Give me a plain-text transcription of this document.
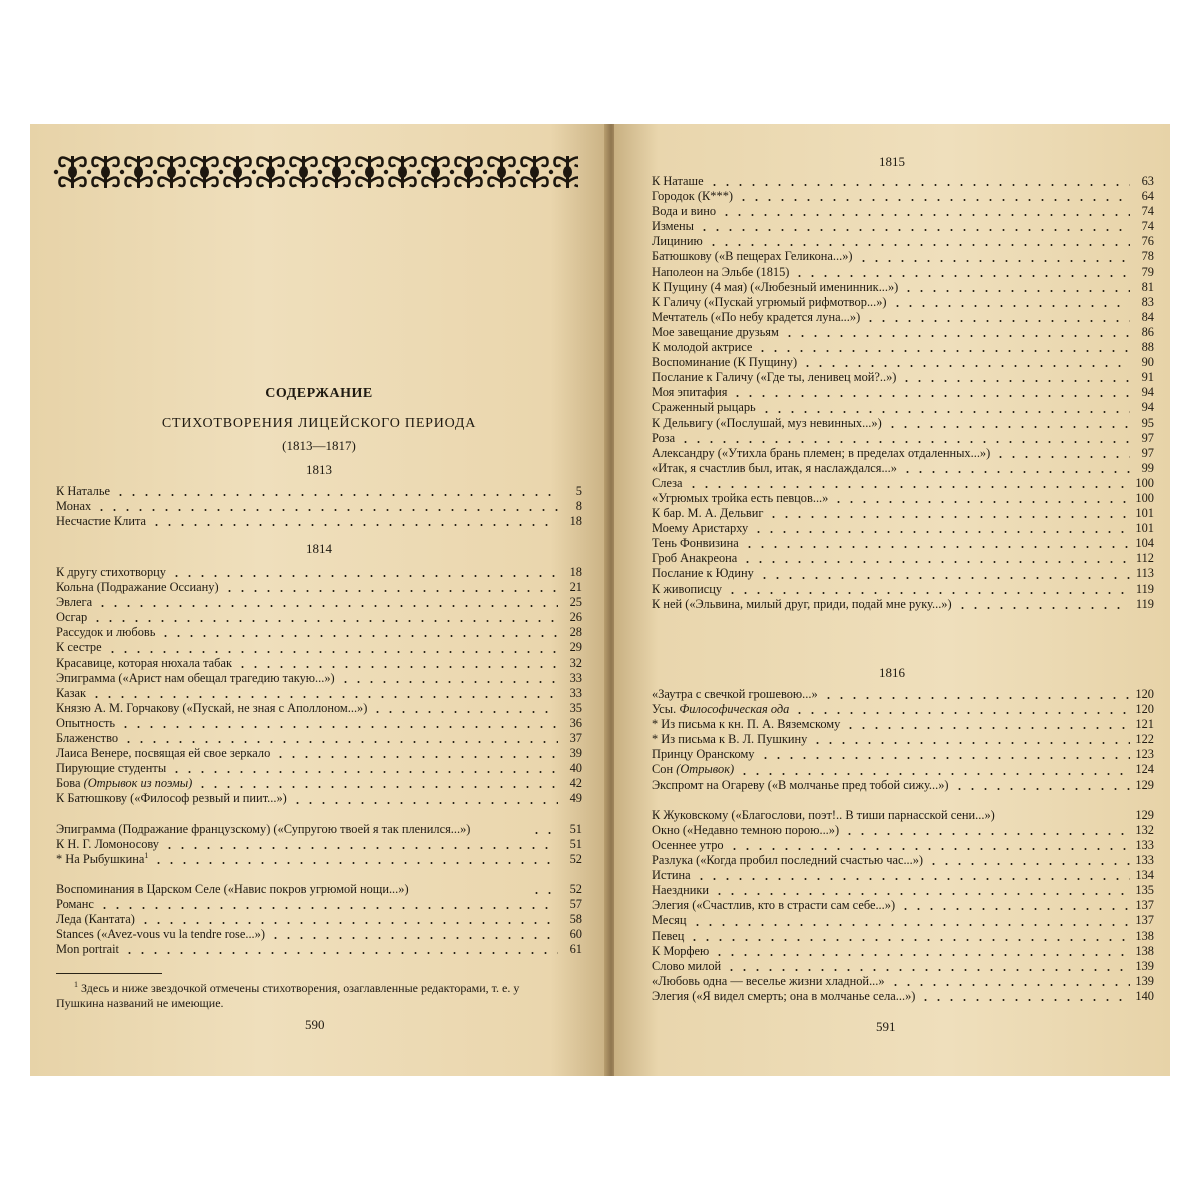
СОДЕРЖАНИЕ
СТИХОТВОРЕНИЯ ЛИЦЕЙСКОГО ПЕРИОДА
(1813—1817)
1813
К Наталье	5
Монах	8
Несчастие Клита	18
1814
К другу стихотворцу	18
Кольна (Подражание Оссиану)	21
Эвлега	25
Осгар	26
Рассудок и любовь	28
К сестре	29
Красавице, которая нюхала табак	32
Эпиграмма («Арист нам обещал трагедию такую...»)	33
Казак	33
Князю А. М. Горчакову («Пускай, не зная с Аполлоном...»)	35
Опытность	36
Блаженство	37
Лаиса Венере, посвящая ей свое зеркало	39
Пирующие студенты	40
Бова (Отрывок из поэмы)	42
К Батюшкову («Философ резвый и пиит...»)	49
Эпиграмма (Подражание французскому) («Супругою твоей я так пленился...»)	51
К Н. Г. Ломоносову	51
* На Рыбушкина$^1$	52
Воспоминания в Царском Селе («Навис покров угрюмой нощи...»)	52
Романс	57
Леда (Кантата)	58
Stances («Avez-vous vu la tendre rose...»)	60
Mon portrait	61
$^1$ Здесь и ниже звездочкой отмечены стихотворения, озаглавленные редакторами, т. е. у Пушкина названий не имеющие.
590
1815
К Наташе	63
Городок (К***)	64
Вода и вино	74
Измены	74
Лицинию	76
Батюшкову («В пещерах Геликона...»)	78
Наполеон на Эльбе (1815)	79
К Пущину (4 мая) («Любезный именинник...»)	81
К Галичу («Пускай угрюмый рифмотвор...»)	83
Мечтатель («По небу крадется луна...»)	84
Мое завещание друзьям	86
К молодой актрисе	88
Воспоминание (К Пущину)	90
Послание к Галичу («Где ты, ленивец мой?..»)	91
Моя эпитафия	94
Сраженный рыцарь	94
К Дельвигу («Послушай, муз невинных...»)	95
Роза	97
Александру («Утихла брань племен; в пределах отдаленных...»)	97
«Итак, я счастлив был, итак, я наслаждался...»	99
Слеза	100
«Угрюмых тройка есть певцов...»	100
К бар. М. А. Дельвиг	101
Моему Аристарху	101
Тень Фонвизина	104
Гроб Анакреона	112
Послание к Юдину	113
К живописцу	119
К ней («Эльвина, милый друг, приди, подай мне руку...»)	119
1816
«Заутра с свечкой грошевою...»	120
Усы. Философическая ода	120
* Из письма к кн. П. А. Вяземскому	121
* Из письма к В. Л. Пушкину	122
Принцу Оранскому	123
Сон (Отрывок)	124
Экспромт на Огареву («В молчанье пред тобой сижу...»)	129
К Жуковскому («Благослови, поэт!.. В тиши парнасской сени...»)	129
Окно («Недавно темною порою...»)	132
Осеннее утро	133
Разлука («Когда пробил последний счастью час...»)	133
Истина	134
Наездники	135
Элегия («Счастлив, кто в страсти сам себе...»)	137
Месяц	137
Певец	138
К Морфею	138
Слово милой	139
«Любовь одна — веселье жизни хладной...»	139
Элегия («Я видел смерть; она в молчанье села...»)	140
591
